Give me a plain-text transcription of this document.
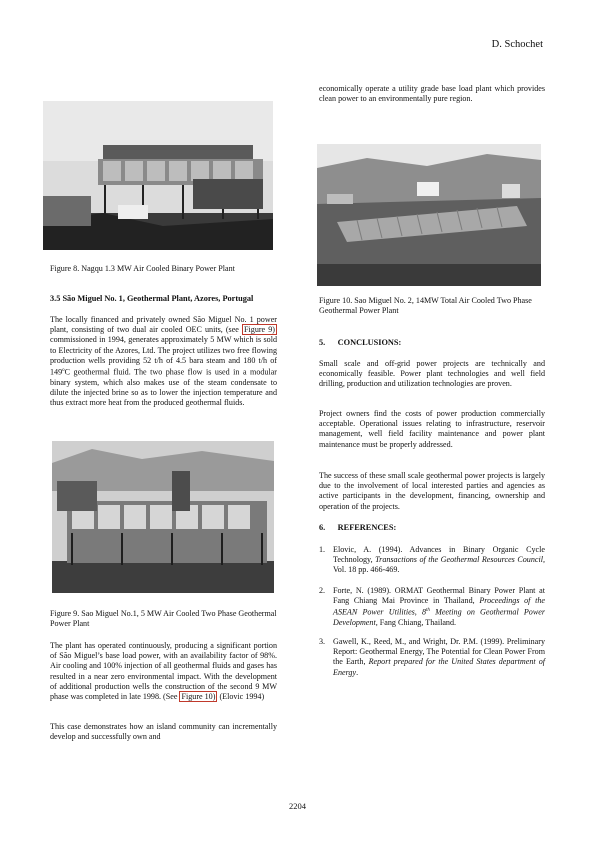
D. Schochet
Figure 8. Nagqu 1.3 MW Air Cooled Binary Power Plant
3.5 São Miguel No. 1, Geothermal Plant, Azores, Portugal

The locally financed and privately owned São Miguel No. 1 power plant, consisting of two dual air cooled OEC units, (see Figure 9) commissioned in 1994, generates approximately 5 MW which is sold to Electricity of the Azores, Ltd. The project utilizes two free flowing production wells providing 52 t/h of 4.5 bara steam and 180 t/h of 149$^o$C geothermal fluid. The two phase flow is used in a modular binary system, which also makes use of the steam condensate to dilute the injected brine so as to lower the injection temperature and thus extract more heat from the produced geothermal fluids.

Figure 9. Sao Miguel No.1, 5 MW Air Cooled Two Phase Geothermal Power Plant

The plant has operated continuously, producing a significant portion of São Miguel’s base load power, with an availability factor of 98%. Air cooling and 100% injection of all geothermal fluids and gases has resulted in a near zero environmental impact. With the development of additional production wells the construction of the second 9 MW phase was completed in late 1998. (See Figure 10) (Elovic 1994)

This case demonstrates how an island community can incrementally develop and successfully own and

economically operate a utility grade base load plant which provides clean power to an environmentally pure region.

Figure 10. Sao Miguel No. 2, 14MW Total Air Cooled Two Phase Geothermal Power Plant
5.      CONCLUSIONS:

Small scale and off-grid power projects are technically and economically feasible. Power plant technologies and well field drilling, production and utilization technologies are proven.

Project owners find the costs of power production commercially acceptable. Operational issues relating to infrastructure, reservoir management, well field facility maintenance and power plant maintenance must be properly addressed.

The success of these small scale geothermal power projects is largely due to the involvement of local interested parties and agencies as active participants in the development, financing, ownership and operation of the projects.

6.      REFERENCES:
1. Elovic, A. (1994). Advances in Binary Organic Cycle Technology, Transactions of the Geothermal Resources Council, Vol. 18 pp. 466-469.
2. Forte, N. (1989). ORMAT Geothermal Binary Power Plant at Fang Chiang Mai Province in Thailand, Proceedings of the ASEAN Power Utilities, 8th Meeting on Geothermal Power Development, Fang Chiang, Thailand.
3. Gawell, K., Reed, M., and Wright, Dr. P.M. (1999). Preliminary Report: Geothermal Energy, The Potential for Clean Power From the Earth, Report prepared for the United States department of Energy.
2204
